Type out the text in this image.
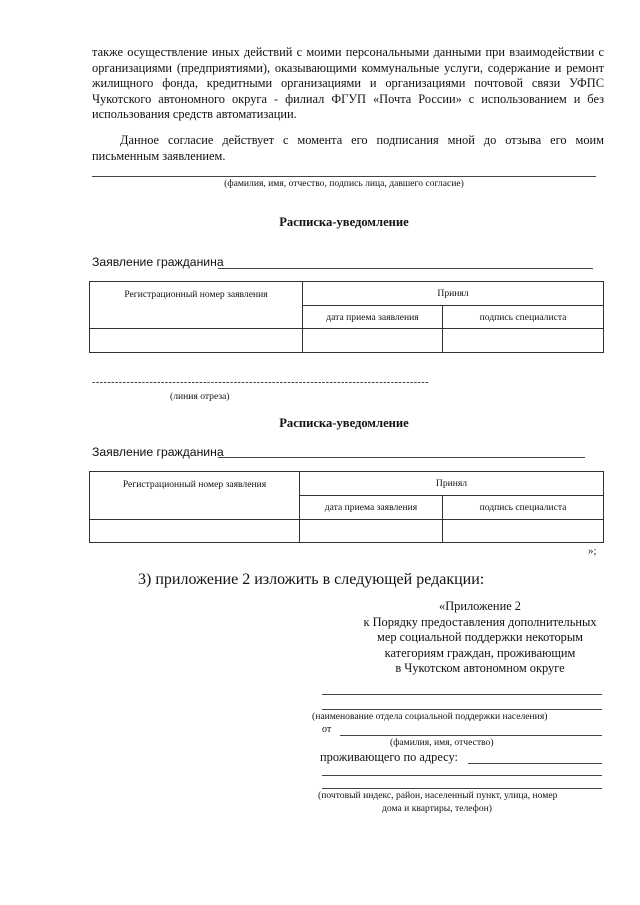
также осуществление иных действий с моими персональными данными при взаимодействии с организациями (предприятиями), оказывающими коммунальные услуги, содержание и ремонт жилищного фонда, кредитными организациями и организациями почтовой связи УФПС Чукотского автономного округа - филиал ФГУП «Почта России» с использованием и без использования средств автоматизации.
Данное согласие действует с момента его подписания мной до отзыва его моим письменным заявлением.
(фамилия, имя, отчество, подпись лица, давшего согласие)
Расписка-уведомление
Заявление гражданина
Регистрационный номер заявления	Принял	
	дата приема заявления	подпись специалиста

- - - - - - - - - - - - - - - - - - - - - - - - - - - - - - - - - - - - - - - - - - - - - - - - - - - - - - - - - - - - - - - - - - - - - - - - - - - - - - - - - - - - - - - -
(линия отреза)
Расписка-уведомление
Заявление гражданина
Регистрационный номер заявления	Принял	
	дата приема заявления	подпись специалиста

»;
3) приложение 2 изложить в следующей редакции:
«Приложение 2
к Порядку предоставления дополнительных
мер социальной поддержки некоторым
категориям граждан, проживающим
в Чукотском автономном округе
(наименование отдела социальной поддержки населения)
от
(фамилия, имя, отчество)
проживающего по адресу:
(почтовый индекс, район, населенный пункт, улица, номер
дома и квартиры, телефон)
